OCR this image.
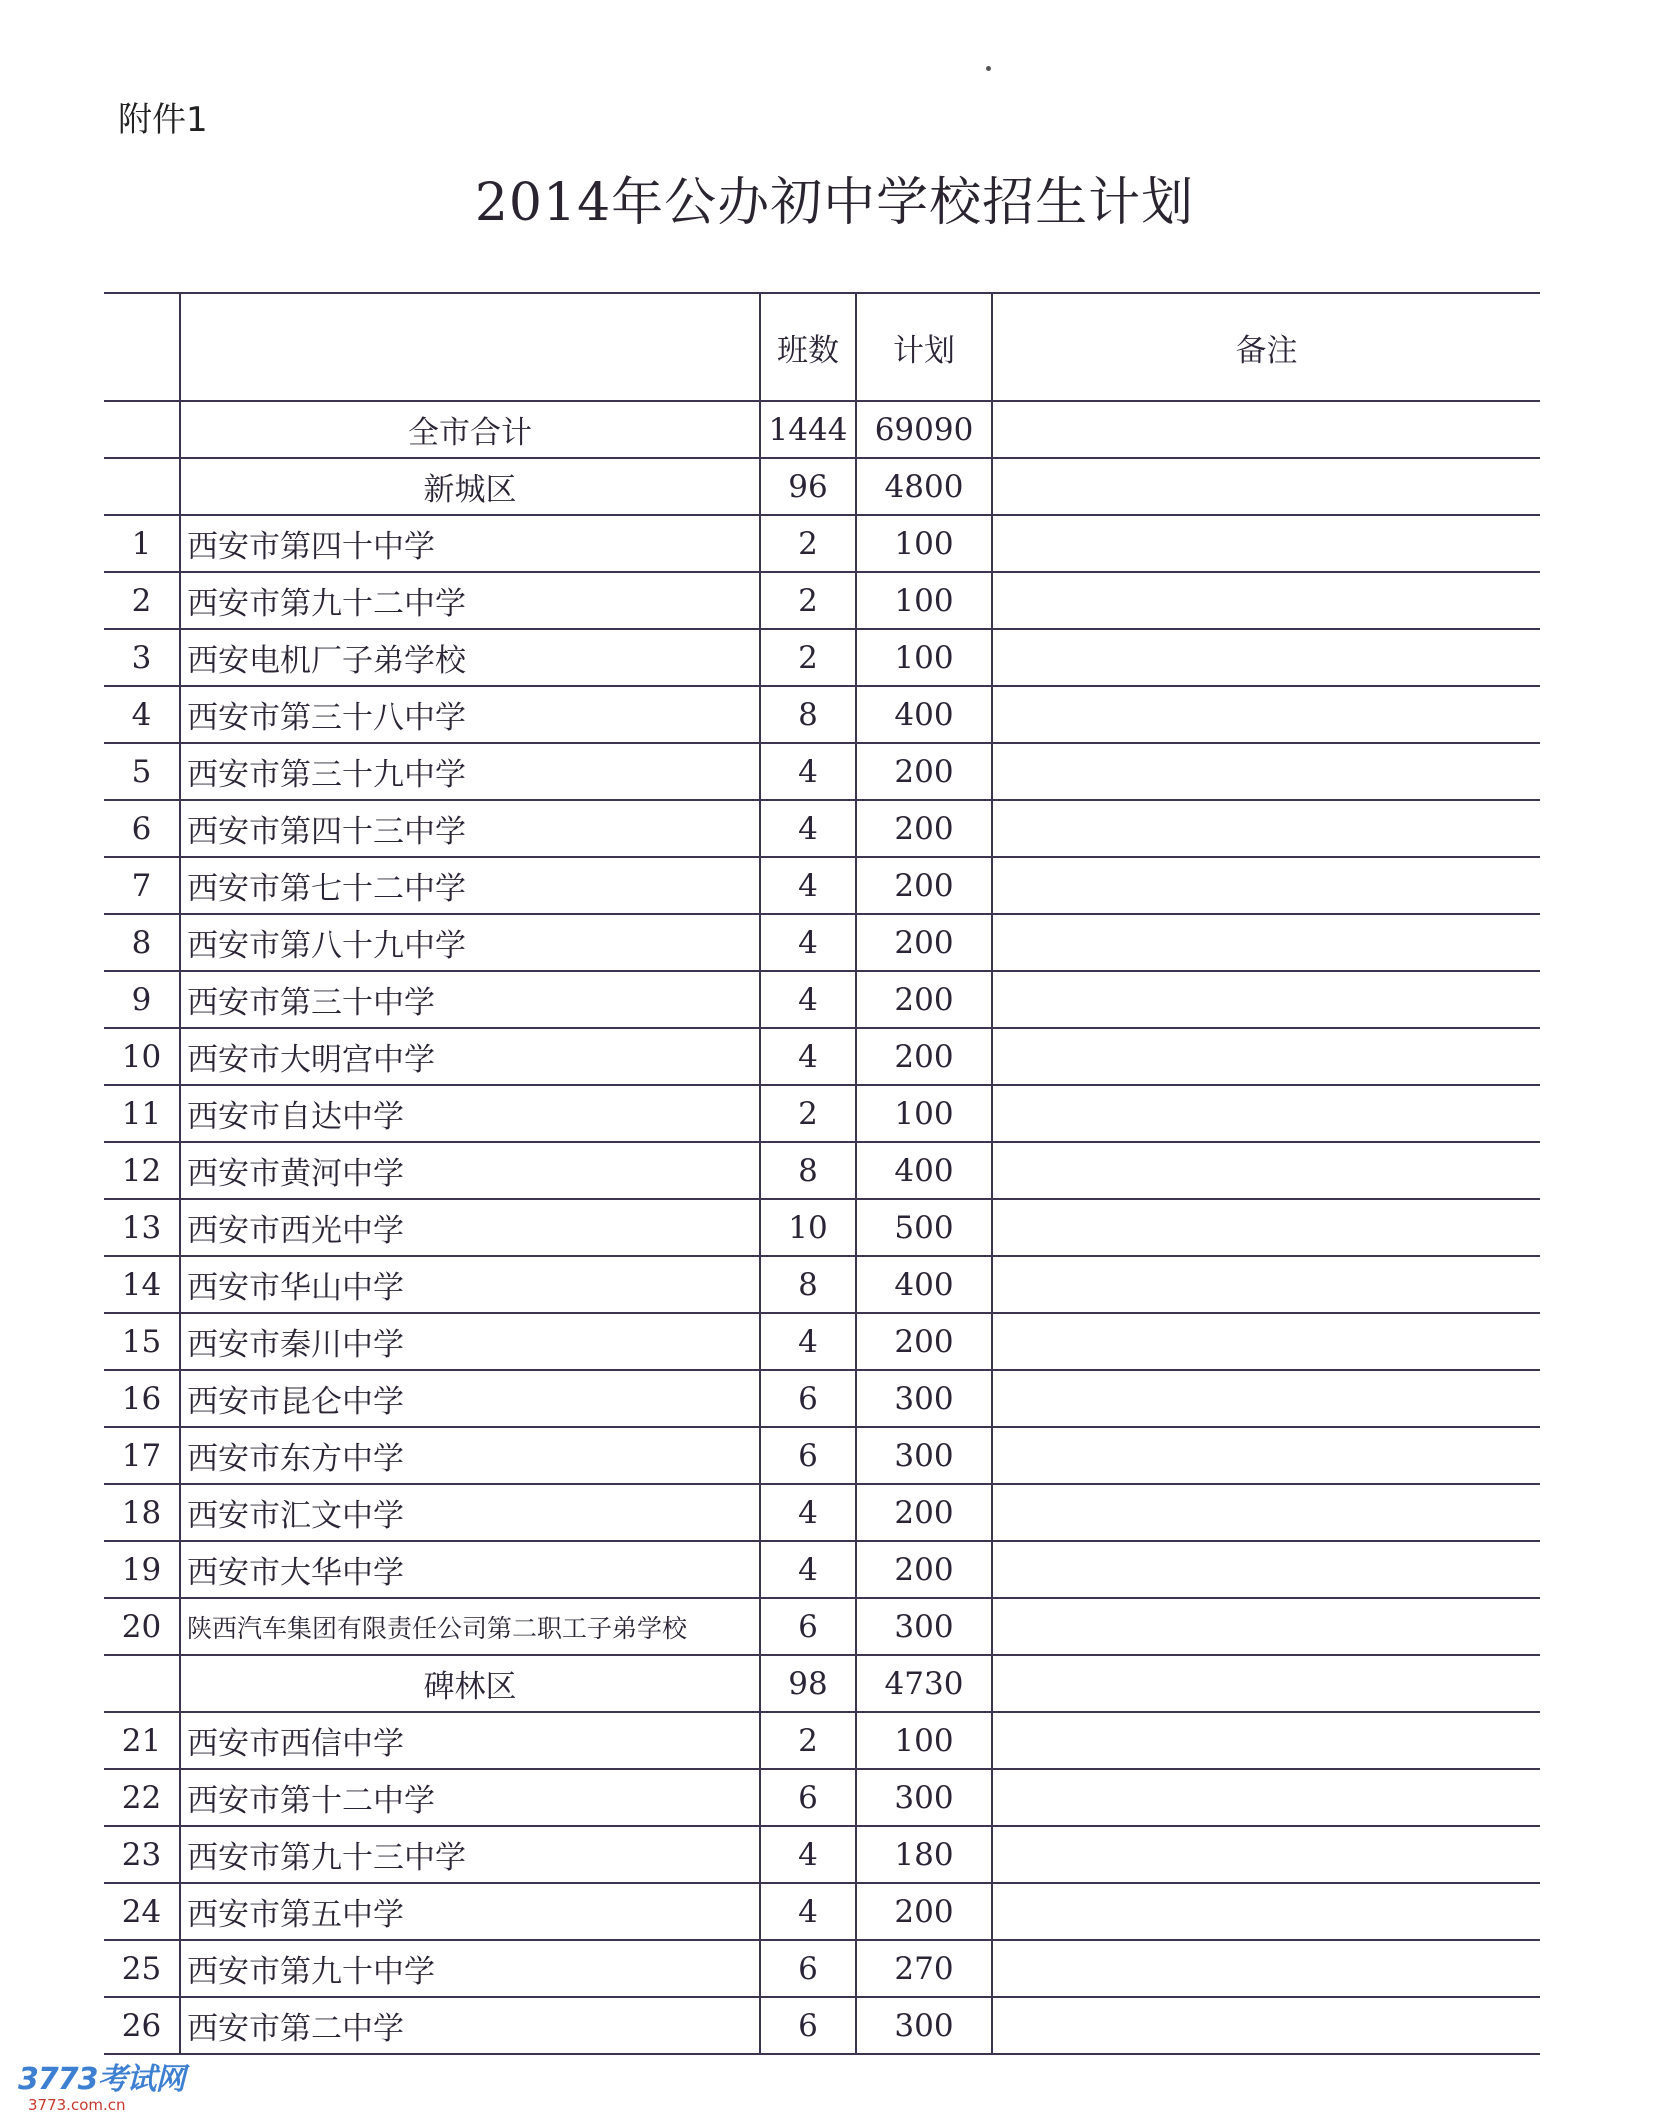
附件1
2014年公办初中学校招生计划
		班数	计划	备注
	全市合计	1444	69090	
	新城区	96	4800	
1	西安市第四十中学	2	100	
2	西安市第九十二中学	2	100	
3	西安电机厂子弟学校	2	100	
4	西安市第三十八中学	8	400	
5	西安市第三十九中学	4	200	
6	西安市第四十三中学	4	200	
7	西安市第七十二中学	4	200	
8	西安市第八十九中学	4	200	
9	西安市第三十中学	4	200	
10	西安市大明宫中学	4	200	
11	西安市自达中学	2	100	
12	西安市黄河中学	8	400	
13	西安市西光中学	10	500	
14	西安市华山中学	8	400	
15	西安市秦川中学	4	200	
16	西安市昆仑中学	6	300	
17	西安市东方中学	6	300	
18	西安市汇文中学	4	200	
19	西安市大华中学	4	200	
20	陕西汽车集团有限责任公司第二职工子弟学校	6	300	
	碑林区	98	4730	
21	西安市西信中学	2	100	
22	西安市第十二中学	6	300	
23	西安市第九十三中学	4	180	
24	西安市第五中学	4	200	
25	西安市第九十中学	6	270	
26	西安市第二中学	6	300	
3773考试网
3773.com.cn
